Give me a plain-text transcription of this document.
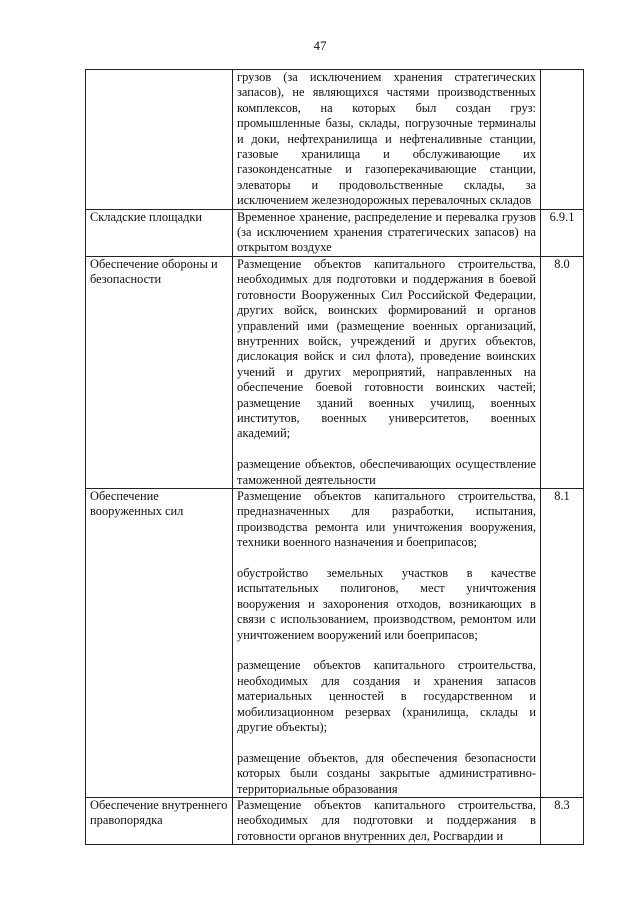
47

	грузов (за исключением хранения стратегических запасов), не являющихся частями производственных комплексов, на которых был создан груз: промышленные базы, склады, погрузочные терминалы и доки, нефтехранилища и нефтеналивные станции, газовые хранилища и обслуживающие их газоконденсатные и газоперекачивающие станции, элеваторы и продовольственные склады, за исключением железнодорожных перевалочных складов	

Складские площадки	Временное хранение, распределение и перевалка грузов (за исключением хранения стратегических запасов) на открытом воздухе	6.9.1
Обеспечение обороны и безопасности	Размещение объектов капитального строительства, необходимых для подготовки и поддержания в боевой готовности Вооруженных Сил Российской Федерации, других войск, воинских формирований и органов управлений ими (размещение военных организаций, внутренних войск, учреждений и других объектов, дислокация войск и сил флота), проведение воинских учений и других мероприятий, направленных на обеспечение боевой готовности воинских частей; размещение зданий военных училищ, военных институтов, военных университетов, военных академий;

размещение объектов, обеспечивающих осуществление таможенной деятельности	8.0
Обеспечение вооруженных сил	Размещение объектов капитального строительства, предназначенных для разработки, испытания, производства ремонта или уничтожения вооружения, техники военного назначения и боеприпасов;

обустройство земельных участков в качестве испытательных полигонов, мест уничтожения вооружения и захоронения отходов, возникающих в связи с использованием, производством, ремонтом или уничтожением вооружений или боеприпасов;

размещение объектов капитального строительства, необходимых для создания и хранения запасов материальных ценностей в государственном и мобилизационном резервах (хранилища, склады и другие объекты);

размещение объектов, для обеспечения безопасности которых были созданы закрытые административно-территориальные образования	8.1
Обеспечение внутреннего правопорядка	Размещение объектов капитального строительства, необходимых для подготовки и поддержания в готовности органов внутренних дел, Росгвардии и	8.3
